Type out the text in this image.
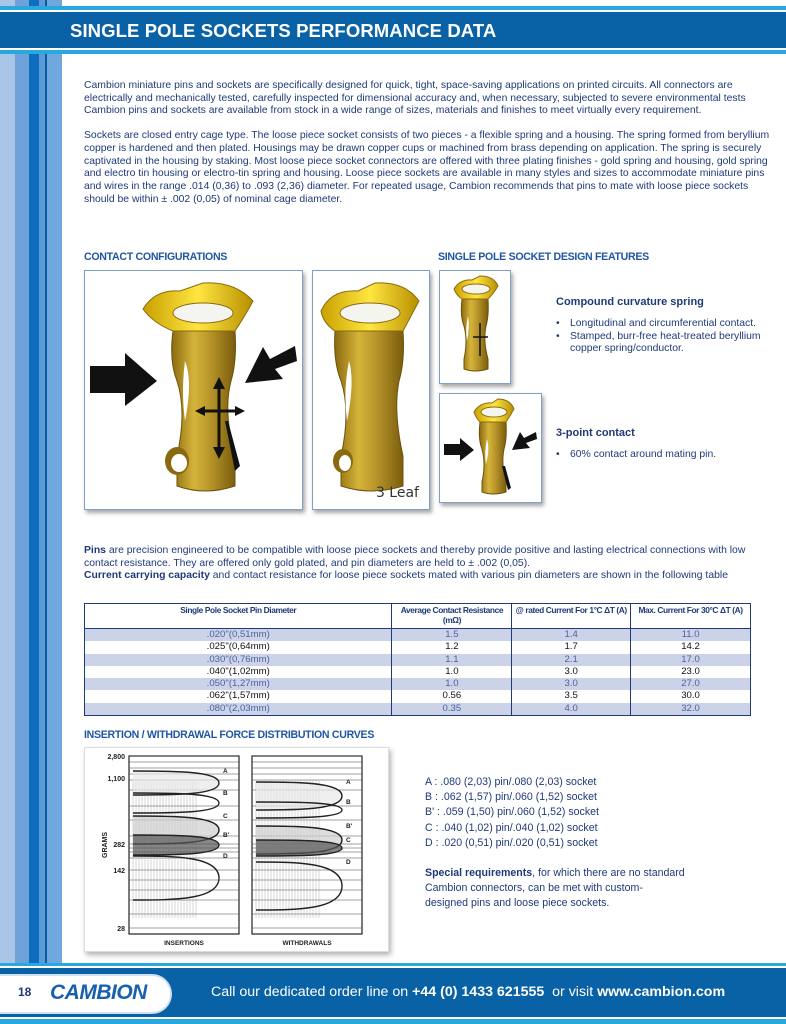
SINGLE POLE SOCKETS PERFORMANCE DATA

Cambion miniature pins and sockets are specifically designed for quick, tight, space-saving applications on printed circuits. All connectors are electrically and mechanically tested, carefully inspected for dimensional accuracy and, when necessary, subjected to severe environmental tests Cambion pins and sockets are available from stock in a wide range of sizes, materials and finishes to meet virtually every requirement.

Sockets are closed entry cage type. The loose piece socket consists of two pieces - a flexible spring and a housing. The spring formed from beryllium copper is hardened and then plated. Housings may be drawn copper cups or machined from brass depending on application. The spring is securely captivated in the housing by staking. Most loose piece socket connectors are offered with three plating finishes - gold spring and housing, gold spring and electro tin housing or electro-tin spring and housing. Loose piece sockets are available in many styles and sizes to accommodate miniature pins and wires in the range .014 (0,36) to .093 (2,36) diameter. For repeated usage, Cambion recommends that pins to mate with loose piece sockets should be within ± .002 (0,05) of nominal cage diameter.

CONTACT CONFIGURATIONS	SINGLE POLE SOCKET DESIGN FEATURES
3 Leaf
Compound curvature spring
• Longitudinal and circumferential contact.
• Stamped, burr-free heat-treated beryllium copper spring/conductor.
3-point contact
• 60% contact around mating pin.
Pins are precision engineered to be compatible with loose piece sockets and thereby provide positive and lasting electrical connections with low contact resistance. They are offered only gold plated, and pin diameters are held to ± .002 (0,05).
Current carrying capacity and contact resistance for loose piece sockets mated with various pin diameters are shown in the following table
Single Pole Socket Pin Diameter	Average Contact Resistance (mΩ)	@ rated Current For 1°C ΔT (A)	Max. Current For 30°C ΔT (A)
.020"(0,51mm)	1.5	1.4	11.0
.025"(0,64mm)	1.2	1.7	14.2
.030"(0,76mm)	1.1	2.1	17.0
.040"(1,02mm)	1.0	3.0	23.0
.050"(1,27mm)	1.0	3.0	27.0
.062"(1,57mm)	0.56	3.5	30.0
.080"(2,03mm)	0.35	4.0	32.0
INSERTION / WITHDRAWAL FORCE DISTRIBUTION CURVES
2,800
1,100
282
142
28
GRAMS
A
B
C
B'
D
INSERTIONS
A
B
B'
C
D
WITHDRAWALS
A : .080 (2,03) pin/.080 (2,03) socket
B : .062 (1,57) pin/.060 (1,52) socket
B' : .059 (1,50) pin/.060 (1,52) socket
C : .040 (1,02) pin/.040 (1,02) socket
D : .020 (0,51) pin/.020 (0,51) socket
Special requirements, for which there are no standard Cambion connectors, can be met with custom-designed pins and loose piece sockets.
18 CAMBION	Call our dedicated order line on +44 (0) 1433 621555  or visit www.cambion.com
